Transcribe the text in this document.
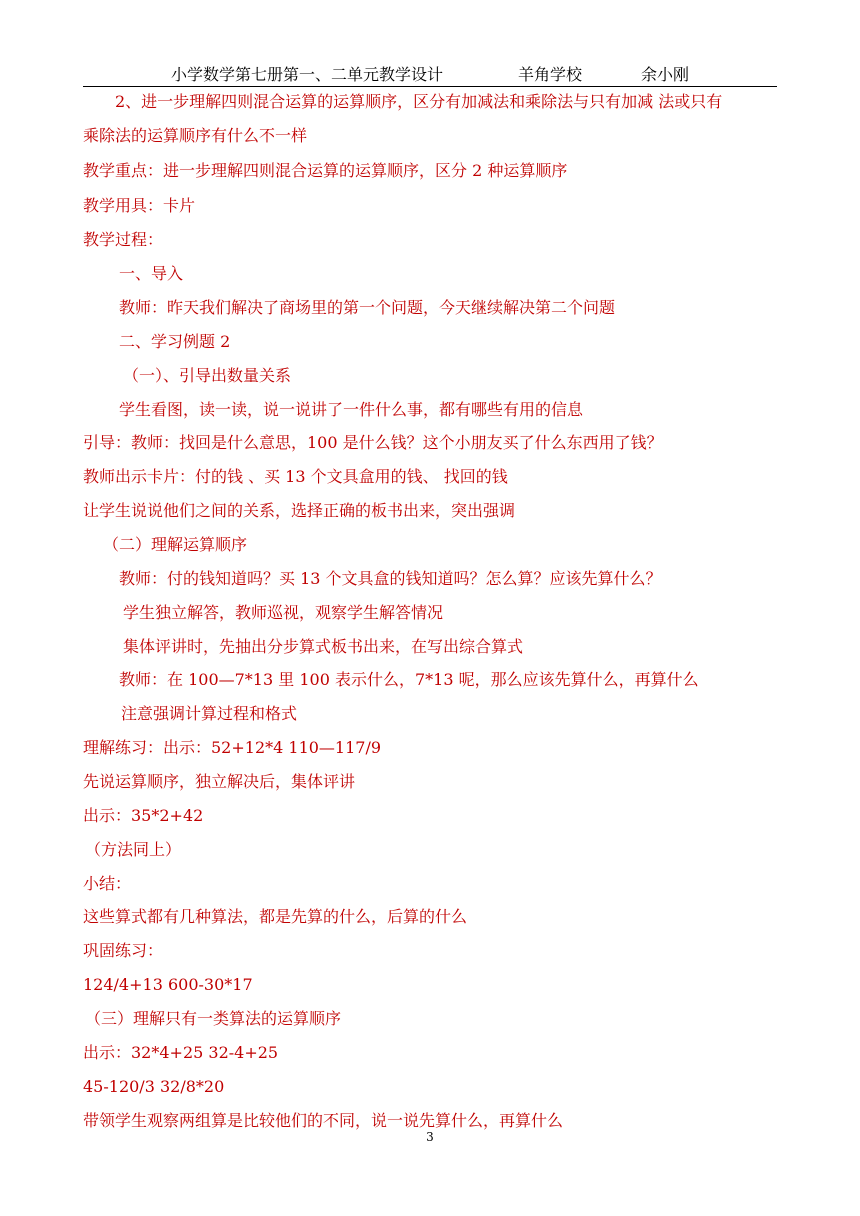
小学数学第七册第一、二单元教学设计	羊角学校	余小刚
2、进一步理解四则混合运算的运算顺序，区分有加减法和乘除法与只有加减 法或只有
乘除法的运算顺序有什么不一样
教学重点：进一步理解四则混合运算的运算顺序，区分 2 种运算顺序
教学用具：卡片
教学过程：
一、导入
教师：昨天我们解决了商场里的第一个问题，今天继续解决第二个问题
二、学习例题 2
（一）、引导出数量关系
学生看图，读一读，说一说讲了一件什么事，都有哪些有用的信息
引导：教师：找回是什么意思，100 是什么钱？这个小朋友买了什么东西用了钱？
教师出示卡片：付的钱 、买 13 个文具盒用的钱、 找回的钱
让学生说说他们之间的关系，选择正确的板书出来，突出强调
（二）理解运算顺序
教师：付的钱知道吗？买 13 个文具盒的钱知道吗？怎么算？应该先算什么？
学生独立解答，教师巡视，观察学生解答情况
集体评讲时，先抽出分步算式板书出来，在写出综合算式
教师：在 100—7*13 里 100 表示什么，7*13 呢，那么应该先算什么，再算什么
注意强调计算过程和格式
理解练习：出示：52+12*4 110—117/9
先说运算顺序，独立解决后，集体评讲
出示：35*2+42
（方法同上）
小结：
这些算式都有几种算法，都是先算的什么，后算的什么
巩固练习：
124/4+13 600-30*17
（三）理解只有一类算法的运算顺序
出示：32*4+25 32-4+25
45-120/3 32/8*20
带领学生观察两组算是比较他们的不同，说一说先算什么，再算什么
3
